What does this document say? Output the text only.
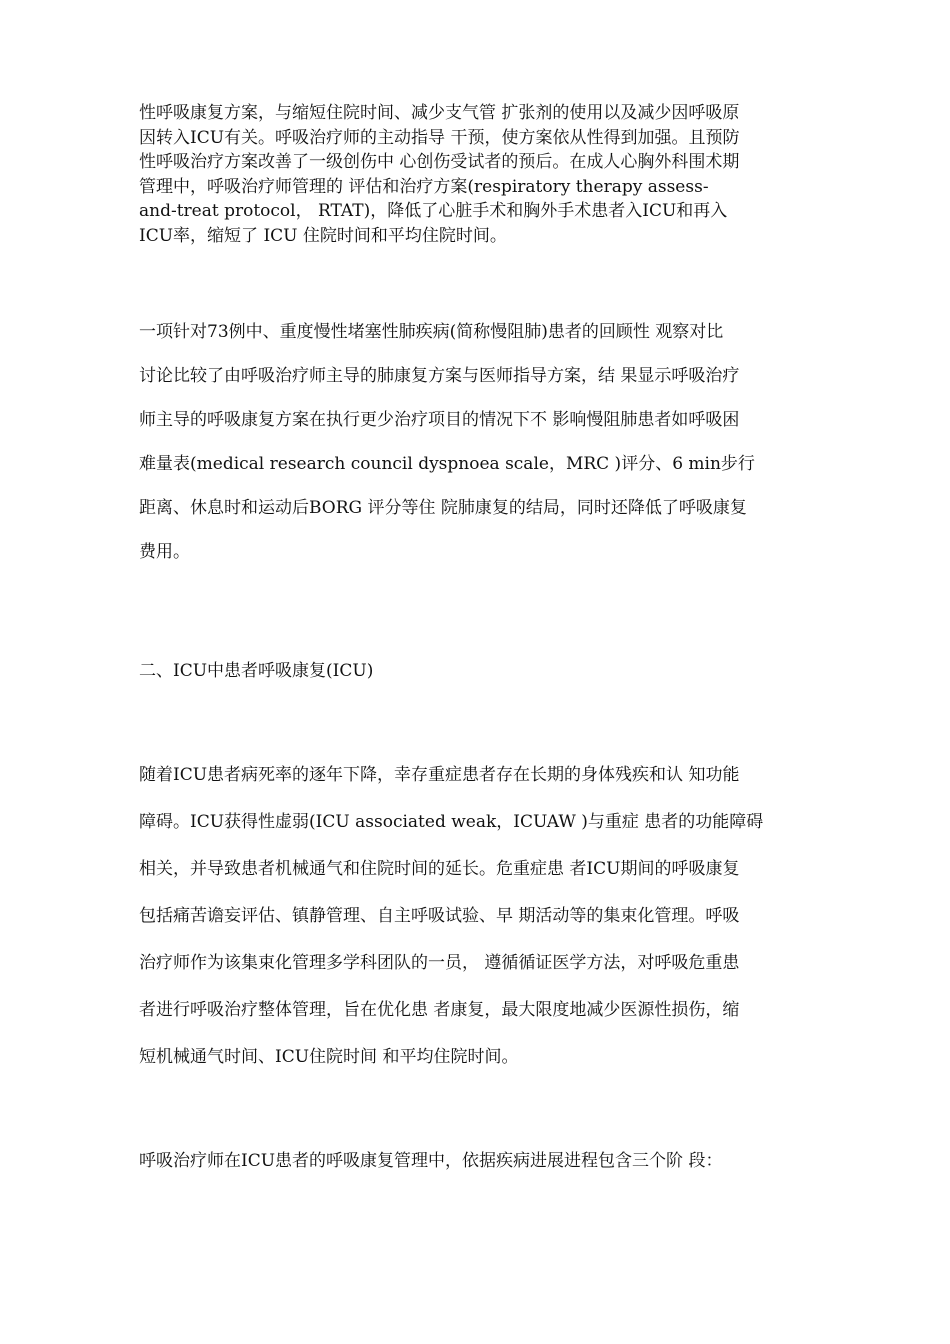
性呼吸康复方案，与缩短住院时间、减少支气管 扩张剂的使用以及减少因呼吸原
因转入ICU有关。呼吸治疗师的主动指导 干预，使方案依从性得到加强。且预防
性呼吸治疗方案改善了一级创伤中 心创伤受试者的预后。在成人心胸外科围术期
管理中，呼吸治疗师管理的 评估和治疗方案(respiratory therapy assess-
and-treat protocol， RTAT)，降低了心脏手术和胸外手术患者入ICU和再入
ICU率，缩短了 ICU 住院时间和平均住院时间。

一项针对73例中、重度慢性堵塞性肺疾病(简称慢阻肺)患者的回顾性 观察对比
讨论比较了由呼吸治疗师主导的肺康复方案与医师指导方案，结 果显示呼吸治疗
师主导的呼吸康复方案在执行更少治疗项目的情况下不 影响慢阻肺患者如呼吸困
难量表(medical research council dyspnoea scale，MRC )评分、6 min步行
距离、休息时和运动后BORG 评分等住 院肺康复的结局，同时还降低了呼吸康复
费用。

二、ICU中患者呼吸康复(ICU)

随着ICU患者病死率的逐年下降，幸存重症患者存在长期的身体残疾和认 知功能
障碍。ICU获得性虚弱(ICU associated weak，ICUAW )与重症 患者的功能障碍
相关，并导致患者机械通气和住院时间的延长。危重症患 者ICU期间的呼吸康复
包括痛苦谵妄评估、镇静管理、自主呼吸试验、早 期活动等的集束化管理。呼吸
治疗师作为该集束化管理多学科团队的一员， 遵循循证医学方法，对呼吸危重患
者进行呼吸治疗整体管理，旨在优化患 者康复，最大限度地减少医源性损伤，缩
短机械通气时间、ICU住院时间 和平均住院时间。

呼吸治疗师在ICU患者的呼吸康复管理中，依据疾病进展进程包含三个阶 段：
